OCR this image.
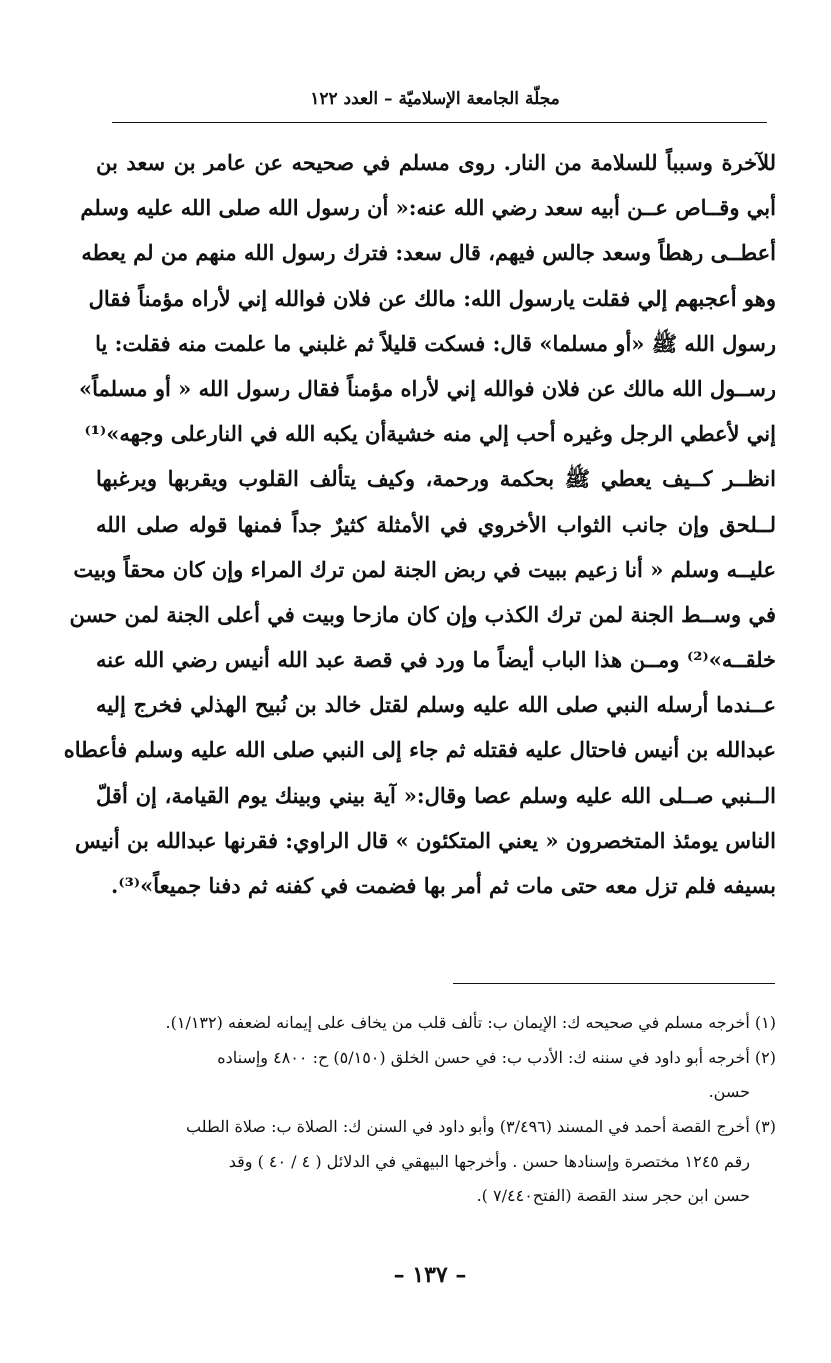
مجلّة الجامعة الإسلاميّة – العدد ١٢٢
للآخرة وسبباً للسلامة من النار. روى مسلم في صحيحه عن عامر بن سعد بن
أبي وقــاص عــن أبيه سعد رضي الله عنه:« أن رسول الله صلى الله عليه وسلم
أعطــى رهطاً وسعد جالس فيهم، قال سعد: فترك رسول الله منهم من لم يعطه
وهو أعجبهم إلي فقلت يارسول الله: مالك عن فلان فوالله إني لأراه مؤمناً فقال
رسول الله ﷺ «أو مسلما» قال: فسكت قليلاً ثم غلبني ما علمت منه فقلت: يا
رســول الله مالك عن فلان فوالله إني لأراه مؤمناً فقال رسول الله « أو مسلماً»
إني لأعطي الرجل وغيره أحب إلي منه خشيةأن يكبه الله في النارعلى وجهه»⁽¹⁾
انظــر كــيف يعطي ﷺ بحكمة ورحمة، وكيف يتألف القلوب ويقربها ويرغبها
لــلحق وإن جانب الثواب الأخروي في الأمثلة كثيرٌ جداً فمنها قوله صلى الله
عليــه وسلم « أنا زعيم ببيت في ربض الجنة لمن ترك المراء وإن كان محقاً وبيت
في وســط الجنة لمن ترك الكذب وإن كان مازحا وبيت في أعلى الجنة لمن حسن
خلقــه»⁽²⁾ ومــن هذا الباب أيضاً ما ورد في قصة عبد الله أنيس رضي الله عنه
عــندما أرسله النبي صلى الله عليه وسلم لقتل خالد بن نُبيح الهذلي فخرج إليه
عبدالله بن أنيس فاحتال عليه فقتله ثم جاء إلى النبي صلى الله عليه وسلم فأعطاه
الــنبي صــلى الله عليه وسلم عصا وقال:« آية بيني وبينك يوم القيامة، إن أقلّ
الناس يومئذ المتخصرون « يعني المتكئون » قال الراوي: فقرنها عبدالله بن أنيس
بسيفه فلم تزل معه حتى مات ثم أمر بها فضمت في كفنه ثم دفنا جميعاً»⁽³⁾.
(١) أخرجه مسلم في صحيحه ك: الإيمان ب: تألف قلب من يخاف على إيمانه لضعفه (١/١٣٢).
(٢) أخرجه أبو داود في سننه ك: الأدب ب: في حسن الخلق (٥/١٥٠) ح: ٤٨٠٠ وإسناده
حسن.
(٣) أخرج القصة أحمد في المسند (٣/٤٩٦) وأبو داود في السنن ك: الصلاة ب: صلاة الطلب
رقم ١٢٤٥ مختصرة وإسنادها حسن . وأخرجها البيهقي في الدلائل ( ٤ / ٤٠ ) وقد
حسن ابن حجر سند القصة (الفتح٧/٤٤٠ ).
– ١٣٧ –
